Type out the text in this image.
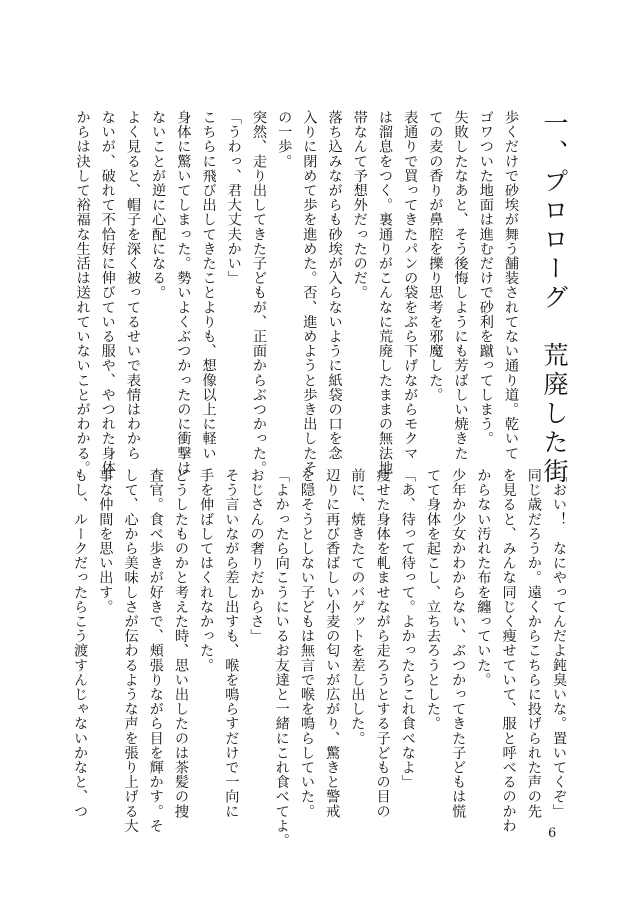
一、プロローグ　荒廃した街

歩くだけで砂埃が舞う舗装されてない通り道。乾いて

ゴワついた地面は進むだけで砂利を蹴ってしまう。

失敗したなあと、そう後悔しようにも芳ばしい焼きた

ての麦の香りが鼻腔を擽り思考を邪魔した。

表通りで買ってきたパンの袋をぶら下げながらモクマ

は溜息をつく。裏通りがこんなに荒廃したままの無法地

帯なんて予想外だったのだ。

落ち込みながらも砂埃が入らないように紙袋の口を念

入りに閉めて歩を進めた。否、進めようと歩き出したそ

の一歩。

突然、走り出してきた子どもが、正面からぶつかった。

「うわっ、君大丈夫かい」

こちらに飛び出してきたことよりも、想像以上に軽い

身体に驚いてしまった。勢いよくぶつかったのに衝撃は

ないことが逆に心配になる。

よく見ると、帽子を深く被ってるせいで表情はわから

ないが、破れて不恰好に伸びている服や、やつれた身体

からは決して裕福な生活は送れていないことがわかる。

「おい！　なにやってんだよ鈍臭いな。置いてくぞ」

同じ歳だろうか。遠くからこちらに投げられた声の先

を見ると、みんな同じく痩せていて、服と呼べるのかわ

からない汚れた布を纏っていた。

少年か少女かわからない、ぶつかってきた子どもは慌

てて身体を起こし、立ち去ろうとした。

「あ、待って待って。よかったらこれ食べなよ」

痩せた身体を軋ませながら走ろうとする子どもの目の

前に、焼きたてのバゲットを差し出した。

辺りに再び香ばしい小麦の匂いが広がり、驚きと警戒

を隠そうとしない子どもは無言で喉を鳴らしていた。

「よかったら向こうにいるお友達と一緒にこれ食べてよ。

おじさんの奢りだからさ」

そう言いながら差し出すも、喉を鳴らすだけで一向に

手を伸ばしてはくれなかった。

どうしたものかと考えた時、思い出したのは茶髪の捜

査官。食べ歩きが好きで、頬張りながら目を輝かす。そ

して、心から美味しさが伝わるような声を張り上げる大

事な仲間を思い出す。

もし、ルークだったらこう渡すんじゃないかなと、つ

6
